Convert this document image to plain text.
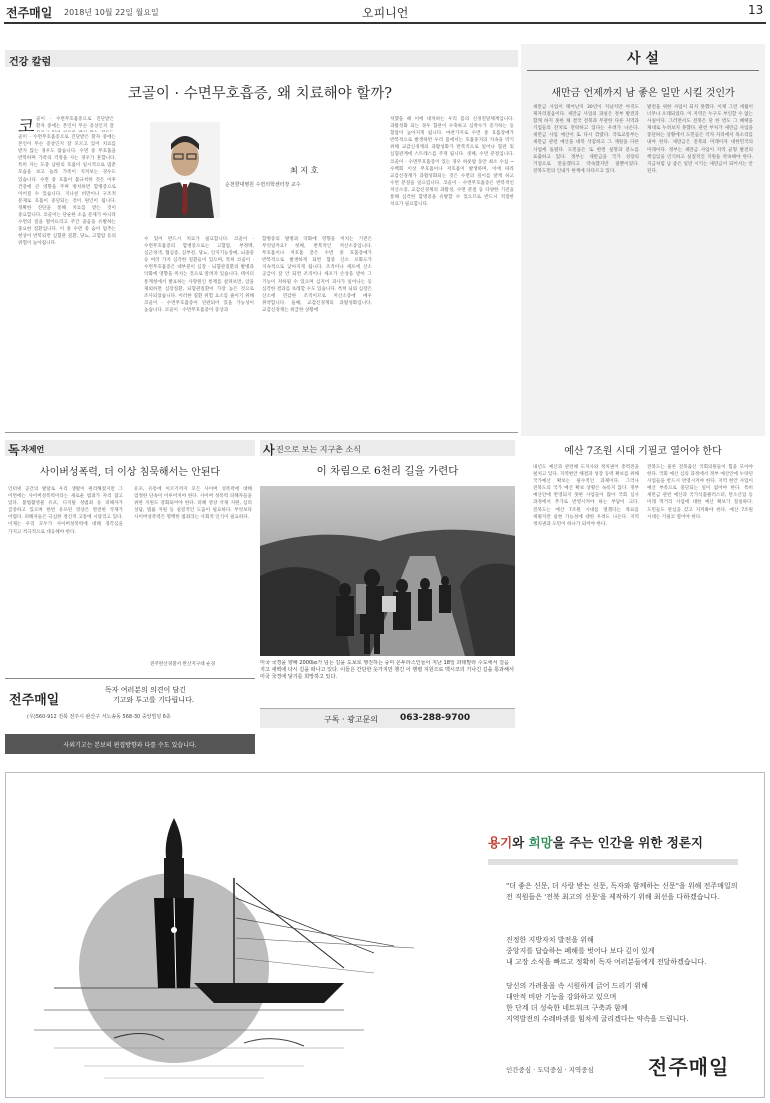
전주매일 2018년 10월 22일 월요일	오피니언	13
건강 칼럼
코골이 · 수면무호흡증, 왜 치료해야 할까?
코 골이 · 수면무호흡증으로 진단받은 환자 중에는 본인이 무슨 증상인지 잘
골이 · 수면무호흡증으로 진단받은 환자 중에는 본인이 무슨 증상인지 잘 모르고 있어 치료를 받지 않는 경우도 많습니다. 수면 중 무호흡을 반복하며 가족의 걱정을 사는 경우가 흔합니다. 특히 자는 도중 남편의 호흡이 일시적으로 멈춘 모습을 보고 놀라 가족이 지켜보는 경우도 있습니다. 수면 중 호흡이 불규칙한 것은 이후 건강에 큰 영향을 주며 방치하면 합병증으로 이어질 수 있습니다. 지나친 비만이나 구조적 문제로 호흡이 중단되는 것이 원인이 됩니다. 정확한 진단을 통해 치료를 받는 것이 중요합니다. 코골이는 단순한 소음 문제가 아니라 수면의 질을 떨어뜨리고 주간 졸음을 유발하는 중요한 질환입니다. 이 중 수면 중 숨이 멈추는 현상이 반복되면 심혈관 질환, 당뇨, 고혈압 등의 위험이 높아집니다.
최 지 호
순천향대병원 수면의학센터장 교수
수 있어 반드시 치료가 필요합니다. 코골이 · 수면무호흡증의 합병증으로는 고혈압, 부정맥, 심근경색, 협심증, 심부전, 당뇨, 인지기능장애, 뇌졸중 등 여러 가지 심각한 질환들이 있으며, 특히 코골이 · 수면무호흡증은 대부분이 심장 · 뇌혈관질환의 발병과 악화에 영향을 미치는 것으로 알려져 있습니다. 테이터 통계청에서 발표하는 사망원인 통계를 살펴보면, 암을 제외하면 심장질환, 뇌혈관질환이 가장 높은 것으로 조사되었습니다. 이러한 질환 위험 요소를 줄이기 위해 코골이 · 수면무호흡증이 연관되어 있을 가능성이 높습니다. 코골이 · 수면무호흡증이 증상과
합병증의 발병과 악화에 영향을 미치는 기전은 무엇일까요? 첫째, 반복적인 저산소증입니다. 무호흡이나 저호흡 같은 수면 중 호흡장애가 반복적으로 발생하게 되면 혈중 산소 포화도가 지속적으로 낮아지게 됩니다. 조직이나 세포에 산소 공급이 잘 안 되면 조직이나 세포가 손상을 받아 그 기능이 저하될 수 있으며 심지어 괴사가 일어나는 등 심각한 결과를 초래할 수도 있습니다. 특히 뇌와 심장은 산소에 민감한 조직이므로 저산소증에 매우 취약합니다. 둘째, 교감신경계의 과활성화입니다. 교감신경계는 위급한 상황에
처했을 때 이에 대처하는 우리 몸의 신경전달체계입니다. 과활성화 되는 경우 혈관이 수축하고 심박수가 증가하는 등 혈압이 높아지게 됩니다. 마찬가지로 수면 중 호흡장애가 반복적으로 발생하면 우리 몸에서는 호흡중지의 지속을 막기 위해 교감신경계의 과활성화가 반복적으로 일어나 혈관 및 심혈관계에 스트레스를 주게 됩니다. 셋째, 수면 분절입니다. 코골이 · 수면무호흡증이 있는 경우 하룻밤 동안 최소 수십 ~ 수백회 이상 무호흡이나 저호흡이 발생하며, 이에 따라 교감신경계가 과활성화되는 것은 수면의 깊이를 얕게 하고 수면 분절을 일으킵니다. 코골이 · 수면무호흡증은 반복적인 저산소증, 교감신경계의 과활성, 수면 분절 등 다양한 기전을 통해 심각한 합병증을 유발할 수 있으므로 반드시 적절한 치료가 필요합니다.
사 설
새만금 언제까지 남 좋은 일만 시킬 것인가
새만금 사업이 태어난지 30년이 지났지만 아직도 제자리걸음이다. 새만금 사업의 과실은 정부 발전과 함께 하지 못한 채 결국 전북과 무관한 다른 지역과 기업들의 잔치로 전락하고 있다는 우려가 나온다. 새만금 사업 예산이 또 다시 깎였다. 국토교통부는 새만금 관련 예산을 대폭 삭감하고 그 재원을 다른 사업에 돌렸다. 도민들은 또 한번 실망과 분노를 표출하고 있다. 정부는 새만금을 국가 성장의 거점으로 만들겠다고 약속했지만 말뿐이었다. 전북도민의 인내가 한계에 다다르고 있다.
발전을 위한 사업이 되지 못했다. 이제 그런 세월이 너무나 오래되었다. 이 지역은 누구도 부인할 수 없는 사실이다. 그러면서도 전북은 단 한 번도 그 혜택을 제대로 누려보지 못했다. 관련 부처가 새만금 사업을 중단하는 상황에서 도민들은 각자 자리에서 목소리를 내야 한다. 새만금은 전북의 미래이자 대한민국의 미래이다. 정부는 새만금 사업이 지역 균형 발전의 핵심임을 인식하고 실질적인 지원을 약속해야 한다. 지금처럼 남 좋은 일만 시키는 새만금이 되어서는 안 된다.
예산 7조원 시대 기필코 열어야 한다
내년도 예산과 관련해 도지사와 정치권이 총력전을 펼치고 있다. 지역현안 해결과 성장 동력 확보를 위해 국가예산 확보는 필수적인 과제이다. 그러나 전북도의 국가 예산 확보 상황은 녹록지 않다. 정부 예산안에 반영되지 못한 사업들이 많아 국회 심사 과정에서 추가로 반영시켜야 하는 부담이 크다. 전북도는 예산 7조원 시대를 열겠다는 목표를 세웠지만 실현 가능성에 대한 우려도 나온다. 지역 정치권과 도민이 하나가 되어야 한다.
전북도는 물론 전북출신 국회의원들이 힘을 모아야 한다. 국회 예산 심의 과정에서 정부 예산안에 누락된 사업들을 반드시 반영시켜야 한다. 지역 현안 사업이 예산 부족으로 중단되는 일이 없어야 한다. 특히 새만금 관련 예산과 국가식품클러스터, 탄소산업 등 미래 먹거리 사업에 대한 예산 확보가 절실하다. 도민들도 관심을 갖고 지켜봐야 한다. 예산 7조원 시대는 기필코 열어야 한다.
독 자제언
사이버성폭력, 더 이상 침묵해서는 안된다
인터넷 공간의 발달로 우리 생활이 편리해졌지만 그 이면에는 사이버성폭력이라는 새로운 범죄가 자리 잡고 있다. 불법촬영물 유포, 디지털 성범죄 등 피해자가 급증하고 있으며 한번 유포된 영상은 완전한 삭제가 어렵다. 피해자들은 극심한 정신적 고통에 시달리고 있다. 이제는 우리 모두가 사이버성폭력에 대해 경각심을 가지고 적극적으로 대응해야 한다.
유포, 유통에 이르기까지 모든 사이버 성폭력에 대해 엄정한 단속이 이루어져야 한다. 사이버 성폭력 피해자들을 위한 지원도 강화되어야 한다. 피해 영상 삭제 지원, 심리 상담, 법률 지원 등 실질적인 도움이 필요하다. 무엇보다 사이버성폭력은 명백한 범죄라는 사회적 인식이 필요하다.
전주완산경찰서 완산지구대 순경
전주매일
독자 여러분의 의견이 담긴
기고와 투고를 기다립니다.
(우)560-912 전북 전주시 완산구 서노송동 568-30 중앙빌딩 6층
사외기고는 본보의 편집방향과 다를 수도 있습니다.
사 진으로 보는 지구촌 소식
이 차림으로 6천리 길을 가련다
미국 국경을 향해 2000㎞가 넘는 길을 도보로 행진하는 중미 온두라스인들이 지난 18일 과테말라 수도에서 걸음 지고 새벽에 다시 길을 떠나고 있다. 이들은 간단한 옷가지만 챙긴 이 행렬 지원으로 멕시코의 기나긴 길을 통과해서 미국 국경에 닿기를 희망하고 있다.
구독 · 광고문의 063-288-9700
용기와 희망을 주는 인간을 위한 정론지
"더 좋은 신문, 더 사랑 받는 신문, 독자와 함께하는 신문"을 위해 전주매일의 전 직원들은 '전북 최고의 신문'을 제작하기 위해 최선을 다하겠습니다.
진정한 지방자치 발전을 위해
중앙지를 답습하는 폐해를 벗어나 보다 깊이 있게
내 고장 소식을 빠르고 정확히 독자 여러분들에게 전달하겠습니다.
당신의 가려움을 속 시원하게 긁어 드리기 위해
대안적 비판 기능을 강화하고 있으며
한 단계 더 성숙한 네트워크 구축과 함께
지역발전의 수레바퀴를 힘차게 굴리겠다는 약속을 드립니다.
인간중심 · 도덕중심 · 지역중심	전주매일
